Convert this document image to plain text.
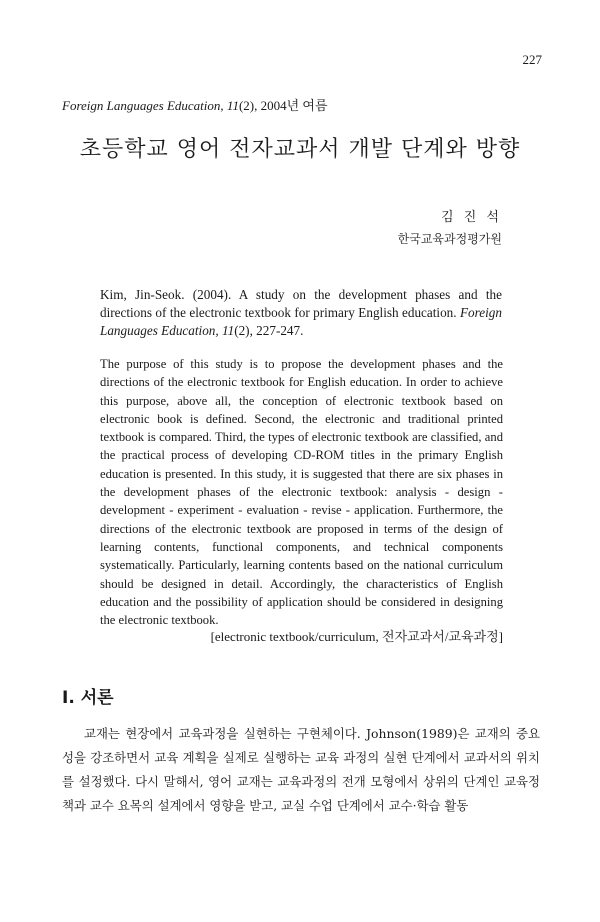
227
Foreign Languages Education, 11(2), 2004년 여름
초등학교 영어 전자교과서 개발 단계와 방향
김 진 석
한국교육과정평가원
Kim, Jin-Seok. (2004). A study on the development phases and the directions of the electronic textbook for primary English education. Foreign Languages Education, 11(2), 227-247.
The purpose of this study is to propose the development phases and the directions of the electronic textbook for English education. In order to achieve this purpose, above all, the conception of electronic textbook based on electronic book is defined. Second, the electronic and traditional printed textbook is compared. Third, the types of electronic textbook are classified, and the practical process of developing CD-ROM titles in the primary English education is presented. In this study, it is suggested that there are six phases in the development phases of the electronic textbook: analysis - design - development - experiment - evaluation - revise - application. Furthermore, the directions of the electronic textbook are proposed in terms of the design of learning contents, functional components, and technical components systematically. Particularly, learning contents based on the national curriculum should be designed in detail. Accordingly, the characteristics of English education and the possibility of application should be considered in designing the electronic textbook.
[electronic textbook/curriculum, 전자교과서/교육과정]
I. 서론

교재는 현장에서 교육과정을 실현하는 구현체이다. Johnson(1989)은 교재의 중요성을 강조하면서 교육 계획을 실제로 실행하는 교육 과정의 실현 단계에서 교과서의 위치를 설정했다. 다시 말해서, 영어 교재는 교육과정의 전개 모형에서 상위의 단계인 교육정책과 교수 요목의 설계에서 영향을 받고, 교실 수업 단계에서 교수·학습 활동
